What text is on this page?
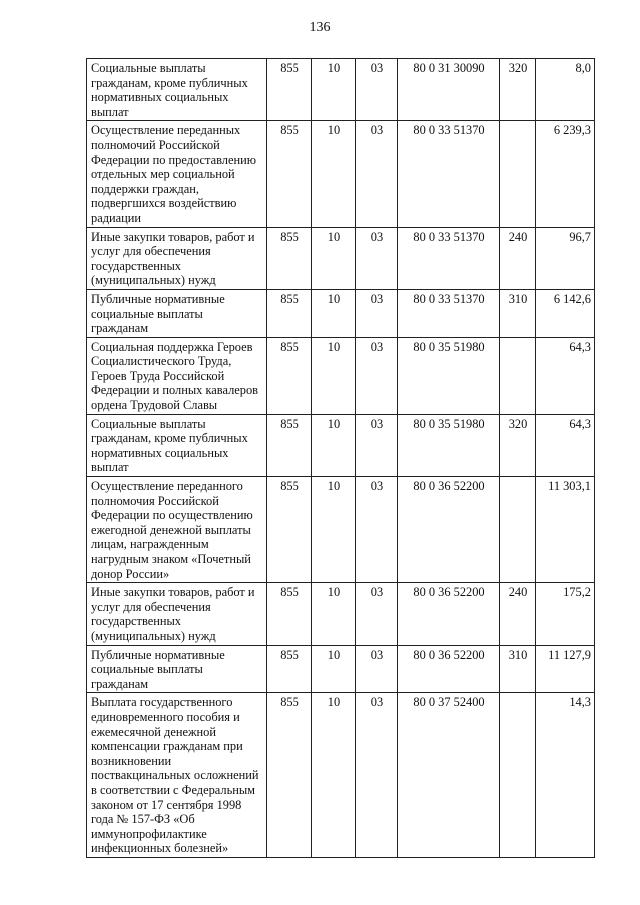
136
Социальные выплаты гражданам, кроме публичных нормативных социальных выплат	855	10	03	80 0 31 30090	320	8,0
Осуществление переданных полномочий Российской Федерации по предоставлению отдельных мер социальной поддержки граждан, подвергшихся воздействию радиации	855	10	03	80 0 33 51370		6 239,3
Иные закупки товаров, работ и услуг для обеспечения государственных (муниципальных) нужд	855	10	03	80 0 33 51370	240	96,7
Публичные нормативные социальные выплаты гражданам	855	10	03	80 0 33 51370	310	6 142,6
Социальная поддержка Героев Социалистического Труда, Героев Труда Российской Федерации и полных кавалеров ордена Трудовой Славы	855	10	03	80 0 35 51980		64,3
Социальные выплаты гражданам, кроме публичных нормативных социальных выплат	855	10	03	80 0 35 51980	320	64,3
Осуществление переданного полномочия Российской Федерации по осуществлению ежегодной денежной выплаты лицам, награжденным нагрудным знаком «Почетный донор России»	855	10	03	80 0 36 52200		11 303,1
Иные закупки товаров, работ и услуг для обеспечения государственных (муниципальных) нужд	855	10	03	80 0 36 52200	240	175,2
Публичные нормативные социальные выплаты гражданам	855	10	03	80 0 36 52200	310	11 127,9
Выплата государственного единовременного пособия и ежемесячной денежной компенсации гражданам при возникновении поствакцинальных осложнений в соответствии с Федеральным законом от 17 сентября 1998 года № 157-ФЗ «Об иммунопрофилактике инфекционных болезней»	855	10	03	80 0 37 52400		14,3
